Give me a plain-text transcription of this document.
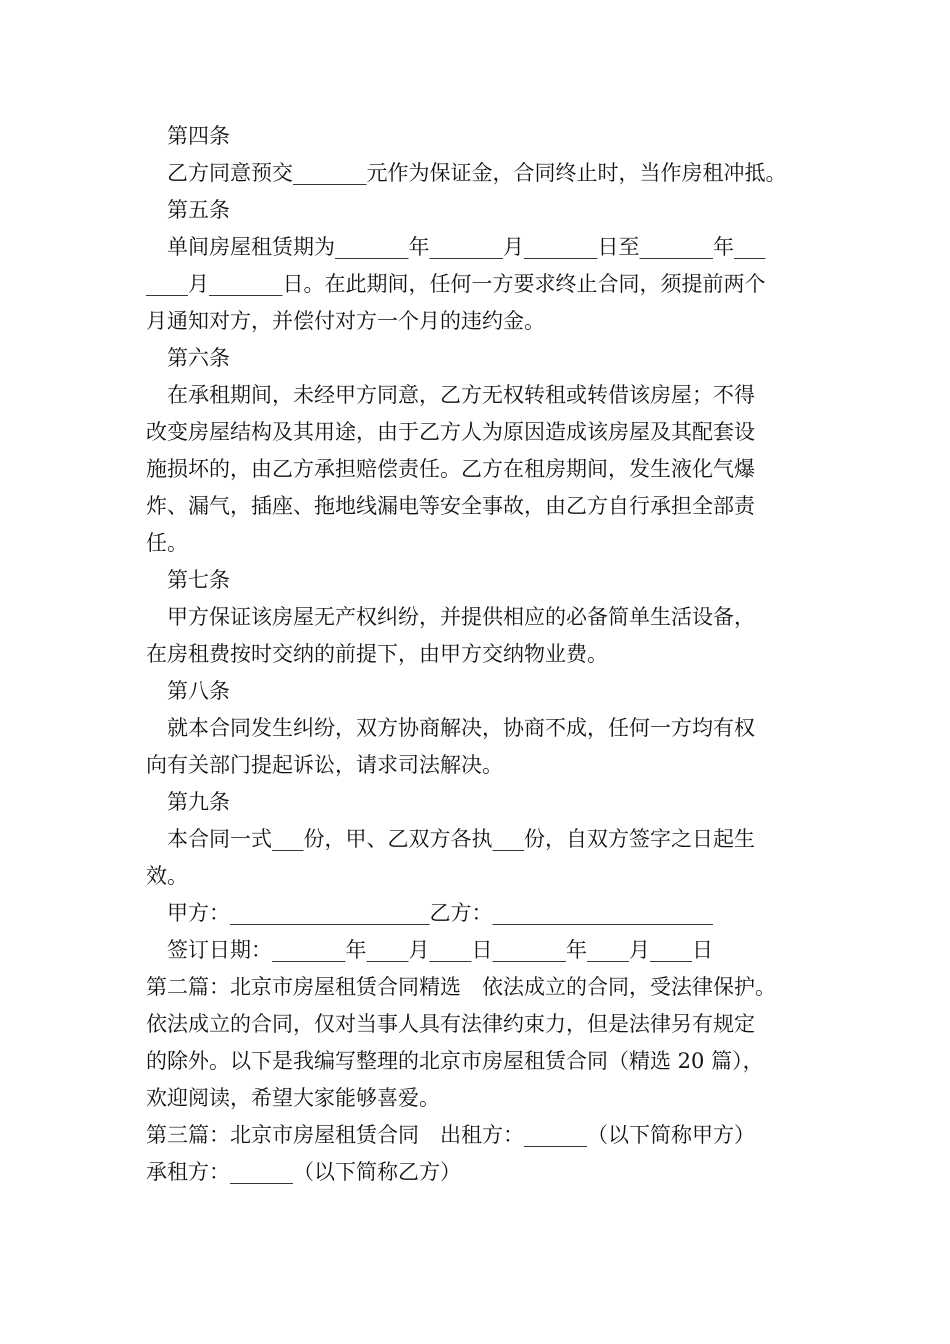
第四条
乙方同意预交_______元作为保证金，合同终止时，当作房租冲抵。
第五条
单间房屋租赁期为_______年_______月_______日至_______年___
____月_______日。在此期间，任何一方要求终止合同，须提前两个
月通知对方，并偿付对方一个月的违约金。
第六条
在承租期间，未经甲方同意，乙方无权转租或转借该房屋；不得
改变房屋结构及其用途，由于乙方人为原因造成该房屋及其配套设
施损坏的，由乙方承担赔偿责任。乙方在租房期间，发生液化气爆
炸、漏气，插座、拖地线漏电等安全事故，由乙方自行承担全部责
任。
第七条
甲方保证该房屋无产权纠纷，并提供相应的必备简单生活设备，
在房租费按时交纳的前提下，由甲方交纳物业费。
第八条
就本合同发生纠纷，双方协商解决，协商不成，任何一方均有权
向有关部门提起诉讼，请求司法解决。
第九条
本合同一式___份，甲、乙双方各执___份，自双方签字之日起生
效。
甲方：___________________乙方：_____________________
签订日期：_______年____月____日_______年____月____日
第二篇：北京市房屋租赁合同精选　依法成立的合同，受法律保护。
依法成立的合同，仅对当事人具有法律约束力，但是法律另有规定
的除外。以下是我编写整理的北京市房屋租赁合同（精选 20 篇），
欢迎阅读，希望大家能够喜爱。
第三篇：北京市房屋租赁合同　出租方：______（以下简称甲方）
承租方：______（以下简称乙方）
